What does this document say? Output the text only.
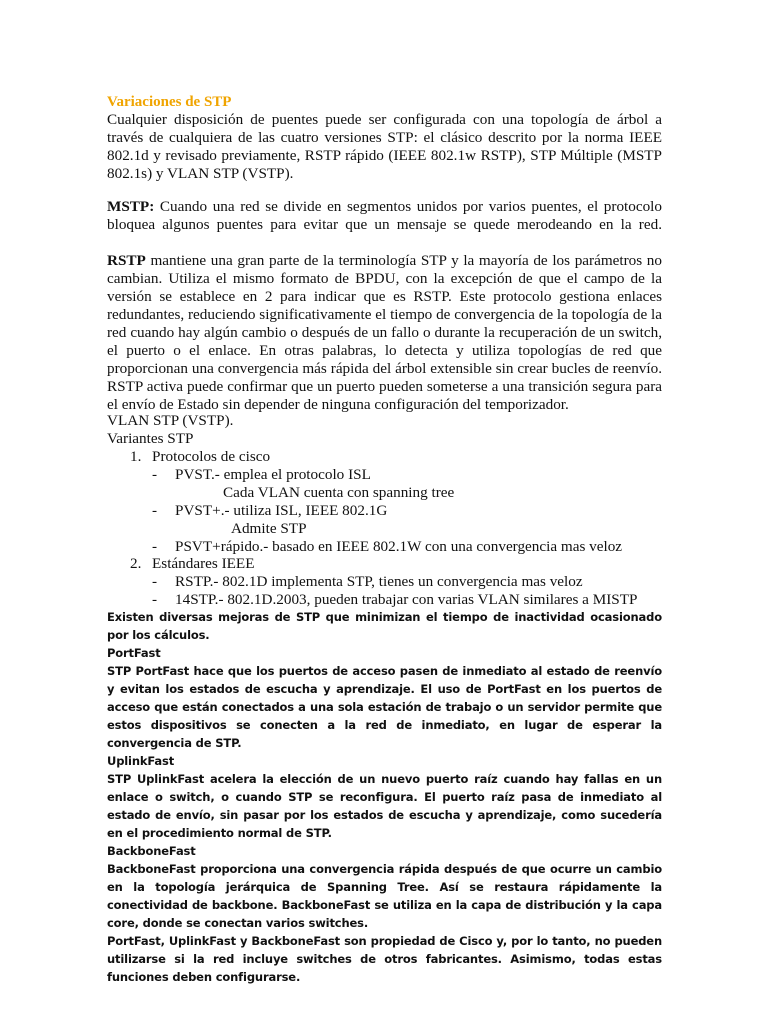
Variaciones de STP

Cualquier disposición de puentes puede ser configurada con una topología de árbol a través de cualquiera de las cuatro versiones STP: el clásico descrito por la norma IEEE 802.1d y revisado previamente, RSTP rápido (IEEE 802.1w RSTP), STP Múltiple (MSTP 802.1s) y VLAN STP (VSTP).

MSTP: Cuando una red se divide en segmentos unidos por varios puentes, el protocolo bloquea algunos puentes para evitar que un mensaje se quede merodeando en la red.

RSTP mantiene una gran parte de la terminología STP y la mayoría de los parámetros no cambian. Utiliza el mismo formato de BPDU, con la excepción de que el campo de la versión se establece en 2 para indicar que es RSTP. Este protocolo gestiona enlaces redundantes, reduciendo significativamente el tiempo de convergencia de la topología de la red cuando hay algún cambio o después de un fallo o durante la recuperación de un switch, el puerto o el enlace. En otras palabras, lo detecta y utiliza topologías de red que proporcionan una convergencia más rápida del árbol extensible sin crear bucles de reenvío. RSTP activa puede confirmar que un puerto pueden someterse a una transición segura para el envío de Estado sin depender de ninguna configuración del temporizador.

VLAN STP (VSTP).
Variantes STP
1. Protocolos de cisco
- PVST.- emplea el protocolo ISL
Cada VLAN cuenta con spanning tree
- PVST+.- utiliza ISL, IEEE 802.1G
Admite STP
- PSVT+rápido.- basado en IEEE 802.1W con una convergencia mas veloz
2. Estándares IEEE
- RSTP.- 802.1D implementa STP, tienes un convergencia mas veloz
- 14STP.- 802.1D.2003, pueden trabajar con varias VLAN similares a MISTP

Existen diversas mejoras de STP que minimizan el tiempo de inactividad ocasionado por los cálculos.

PortFast

STP PortFast hace que los puertos de acceso pasen de inmediato al estado de reenvío y evitan los estados de escucha y aprendizaje. El uso de PortFast en los puertos de acceso que están conectados a una sola estación de trabajo o un servidor permite que estos dispositivos se conecten a la red de inmediato, en lugar de esperar la convergencia de STP.

UplinkFast

STP UplinkFast acelera la elección de un nuevo puerto raíz cuando hay fallas en un enlace o switch, o cuando STP se reconfigura. El puerto raíz pasa de inmediato al estado de envío, sin pasar por los estados de escucha y aprendizaje, como sucedería en el procedimiento normal de STP.

BackboneFast

BackboneFast proporciona una convergencia rápida después de que ocurre un cambio en la topología jerárquica de Spanning Tree. Así se restaura rápidamente la conectividad de backbone. BackboneFast se utiliza en la capa de distribución y la capa core, donde se conectan varios switches.

PortFast, UplinkFast y BackboneFast son propiedad de Cisco y, por lo tanto, no pueden utilizarse si la red incluye switches de otros fabricantes. Asimismo, todas estas funciones deben configurarse.
